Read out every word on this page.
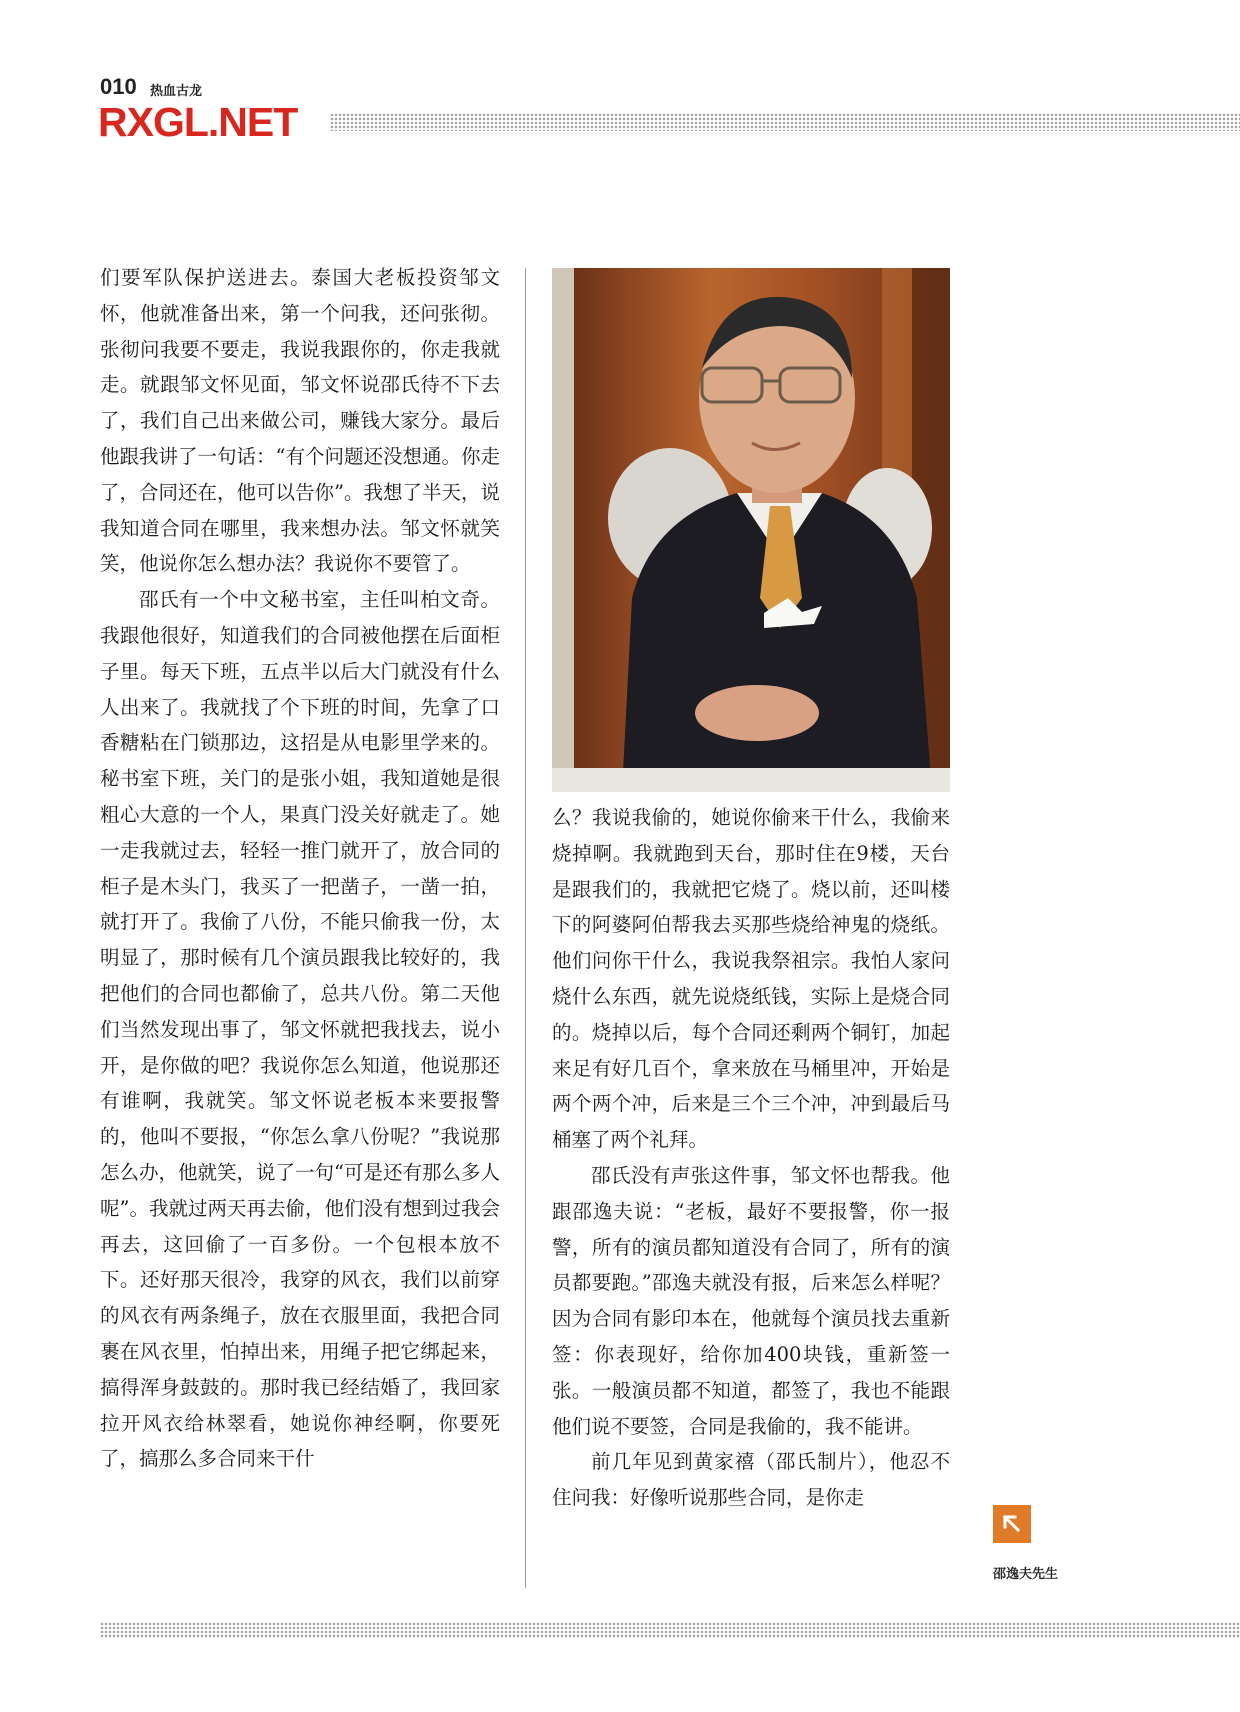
010 热血古龙
RXGL.NET

们要军队保护送进去。泰国大老板投资邹文怀，他就准备出来，第一个问我，还问张彻。张彻问我要不要走，我说我跟你的，你走我就走。就跟邹文怀见面，邹文怀说邵氏待不下去了，我们自己出来做公司，赚钱大家分。最后他跟我讲了一句话：“有个问题还没想通。你走了，合同还在，他可以告你”。我想了半天，说我知道合同在哪里，我来想办法。邹文怀就笑笑，他说你怎么想办法？我说你不要管了。

邵氏有一个中文秘书室，主任叫柏文奇。我跟他很好，知道我们的合同被他摆在后面柜子里。每天下班，五点半以后大门就没有什么人出来了。我就找了个下班的时间，先拿了口香糖粘在门锁那边，这招是从电影里学来的。秘书室下班，关门的是张小姐，我知道她是很粗心大意的一个人，果真门没关好就走了。她一走我就过去，轻轻一推门就开了，放合同的柜子是木头门，我买了一把凿子，一凿一拍，就打开了。我偷了八份，不能只偷我一份，太明显了，那时候有几个演员跟我比较好的，我把他们的合同也都偷了，总共八份。第二天他们当然发现出事了，邹文怀就把我找去，说小开，是你做的吧？我说你怎么知道，他说那还有谁啊，我就笑。邹文怀说老板本来要报警的，他叫不要报，“你怎么拿八份呢？”我说那怎么办，他就笑，说了一句“可是还有那么多人呢”。我就过两天再去偷，他们没有想到过我会再去，这回偷了一百多份。一个包根本放不下。还好那天很冷，我穿的风衣，我们以前穿的风衣有两条绳子，放在衣服里面，我把合同裹在风衣里，怕掉出来，用绳子把它绑起来，搞得浑身鼓鼓的。那时我已经结婚了，我回家拉开风衣给林翠看，她说你神经啊，你要死了，搞那么多合同来干什

么？我说我偷的，她说你偷来干什么，我偷来烧掉啊。我就跑到天台，那时住在9楼，天台是跟我们的，我就把它烧了。烧以前，还叫楼下的阿婆阿伯帮我去买那些烧给神鬼的烧纸。他们问你干什么，我说我祭祖宗。我怕人家问烧什么东西，就先说烧纸钱，实际上是烧合同的。烧掉以后，每个合同还剩两个铜钉，加起来足有好几百个，拿来放在马桶里冲，开始是两个两个冲，后来是三个三个冲，冲到最后马桶塞了两个礼拜。

邵氏没有声张这件事，邹文怀也帮我。他跟邵逸夫说：“老板，最好不要报警，你一报警，所有的演员都知道没有合同了，所有的演员都要跑。”邵逸夫就没有报，后来怎么样呢？因为合同有影印本在，他就每个演员找去重新签：你表现好，给你加400块钱，重新签一张。一般演员都不知道，都签了，我也不能跟他们说不要签，合同是我偷的，我不能讲。

前几年见到黄家禧（邵氏制片），他忍不住问我：好像听说那些合同，是你走

邵逸夫先生
